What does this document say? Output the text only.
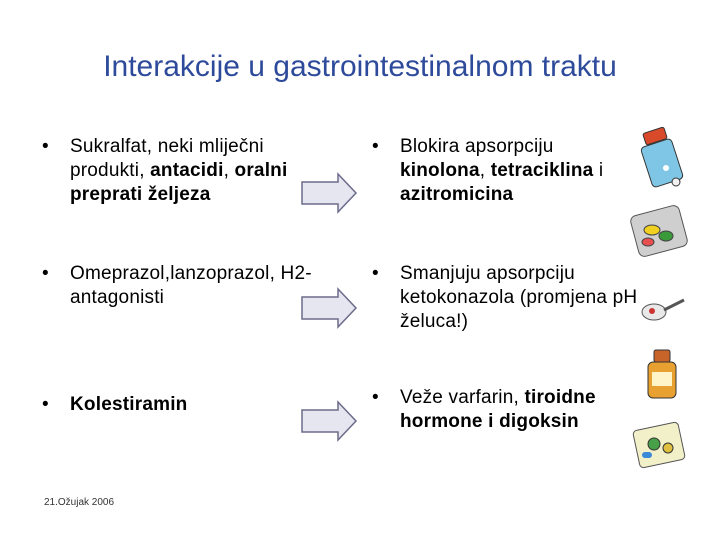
Interakcije u gastrointestinalnom traktu
• Sukralfat, neki mliječni produkti, antacidi, oralni preprati željeza
• Blokira apsorpciju kinolona, tetraciklina i azitromicina
• Omeprazol,lanzoprazol, H2-antagonisti
• Smanjuju apsorpciju ketokonazola (promjena pH želuca!)
• Kolestiramin	• Veže varfarin, tiroidne hormone i digoksin
21.Ožujak 2006
